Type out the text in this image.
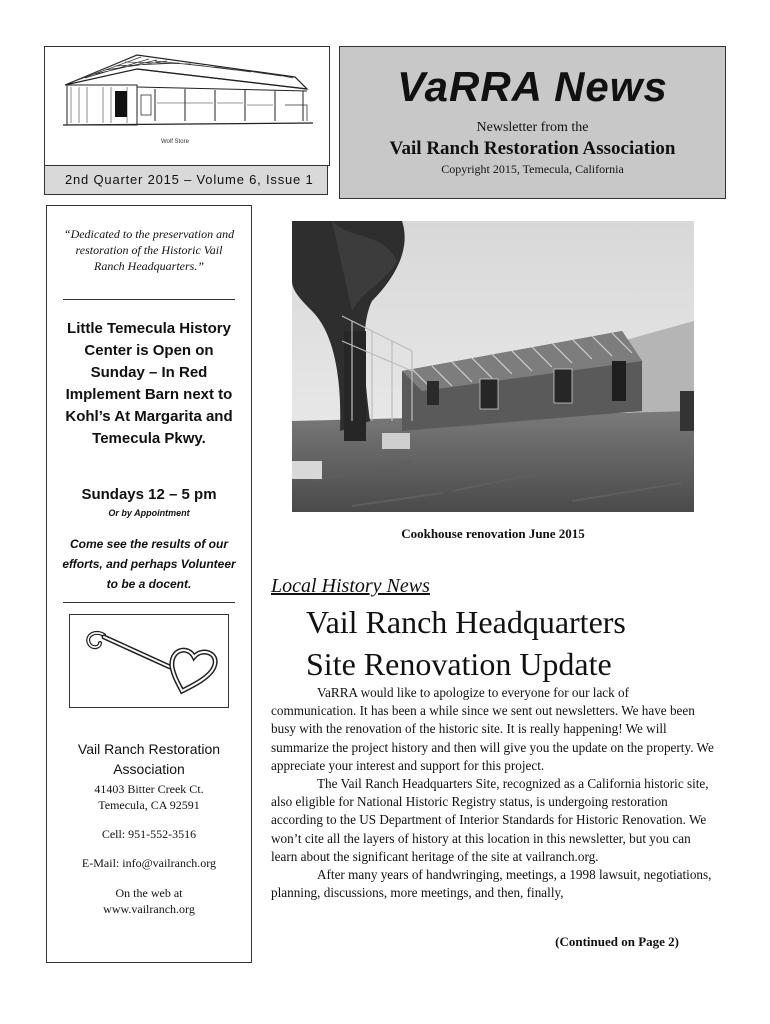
Wolf Store
2nd Quarter 2015 – Volume 6, Issue 1
VaRRA News
Newsletter from the
Vail Ranch Restoration Association
Copyright 2015, Temecula, California
“Dedicated to the preservation and restoration of the Historic Vail Ranch Headquarters.”
Little Temecula History Center is Open on Sunday – In Red Implement Barn next to Kohl’s At Margarita and Temecula Pkwy.
Sundays 12 – 5 pm
Or by Appointment
Come see the results of our efforts, and perhaps Volunteer to be a docent.
Vail Ranch Restoration Association
41403 Bitter Creek Ct.
Temecula, CA 92591
Cell: 951-552-3516
E-Mail: info@vailranch.org
On the web at
www.vailranch.org
Cookhouse renovation June 2015
Local History News
Vail Ranch Headquarters
Site Renovation Update

VaRRA would like to apologize to everyone for our lack of communication. It has been a while since we sent out newsletters. We have been busy with the renovation of the historic site. It is really happening! We will summarize the project history and then will give you the update on the property. We appreciate your interest and support for this project.

The Vail Ranch Headquarters Site, recognized as a California historic site, also eligible for National Historic Registry status, is undergoing restoration according to the US Department of Interior Standards for Historic Renovation. We won’t cite all the layers of history at this location in this newsletter, but you can learn about the significant heritage of the site at vailranch.org.

After many years of handwringing, meetings, a 1998 lawsuit, negotiations, planning, discussions, more meetings, and then, finally,

(Continued on Page 2)
